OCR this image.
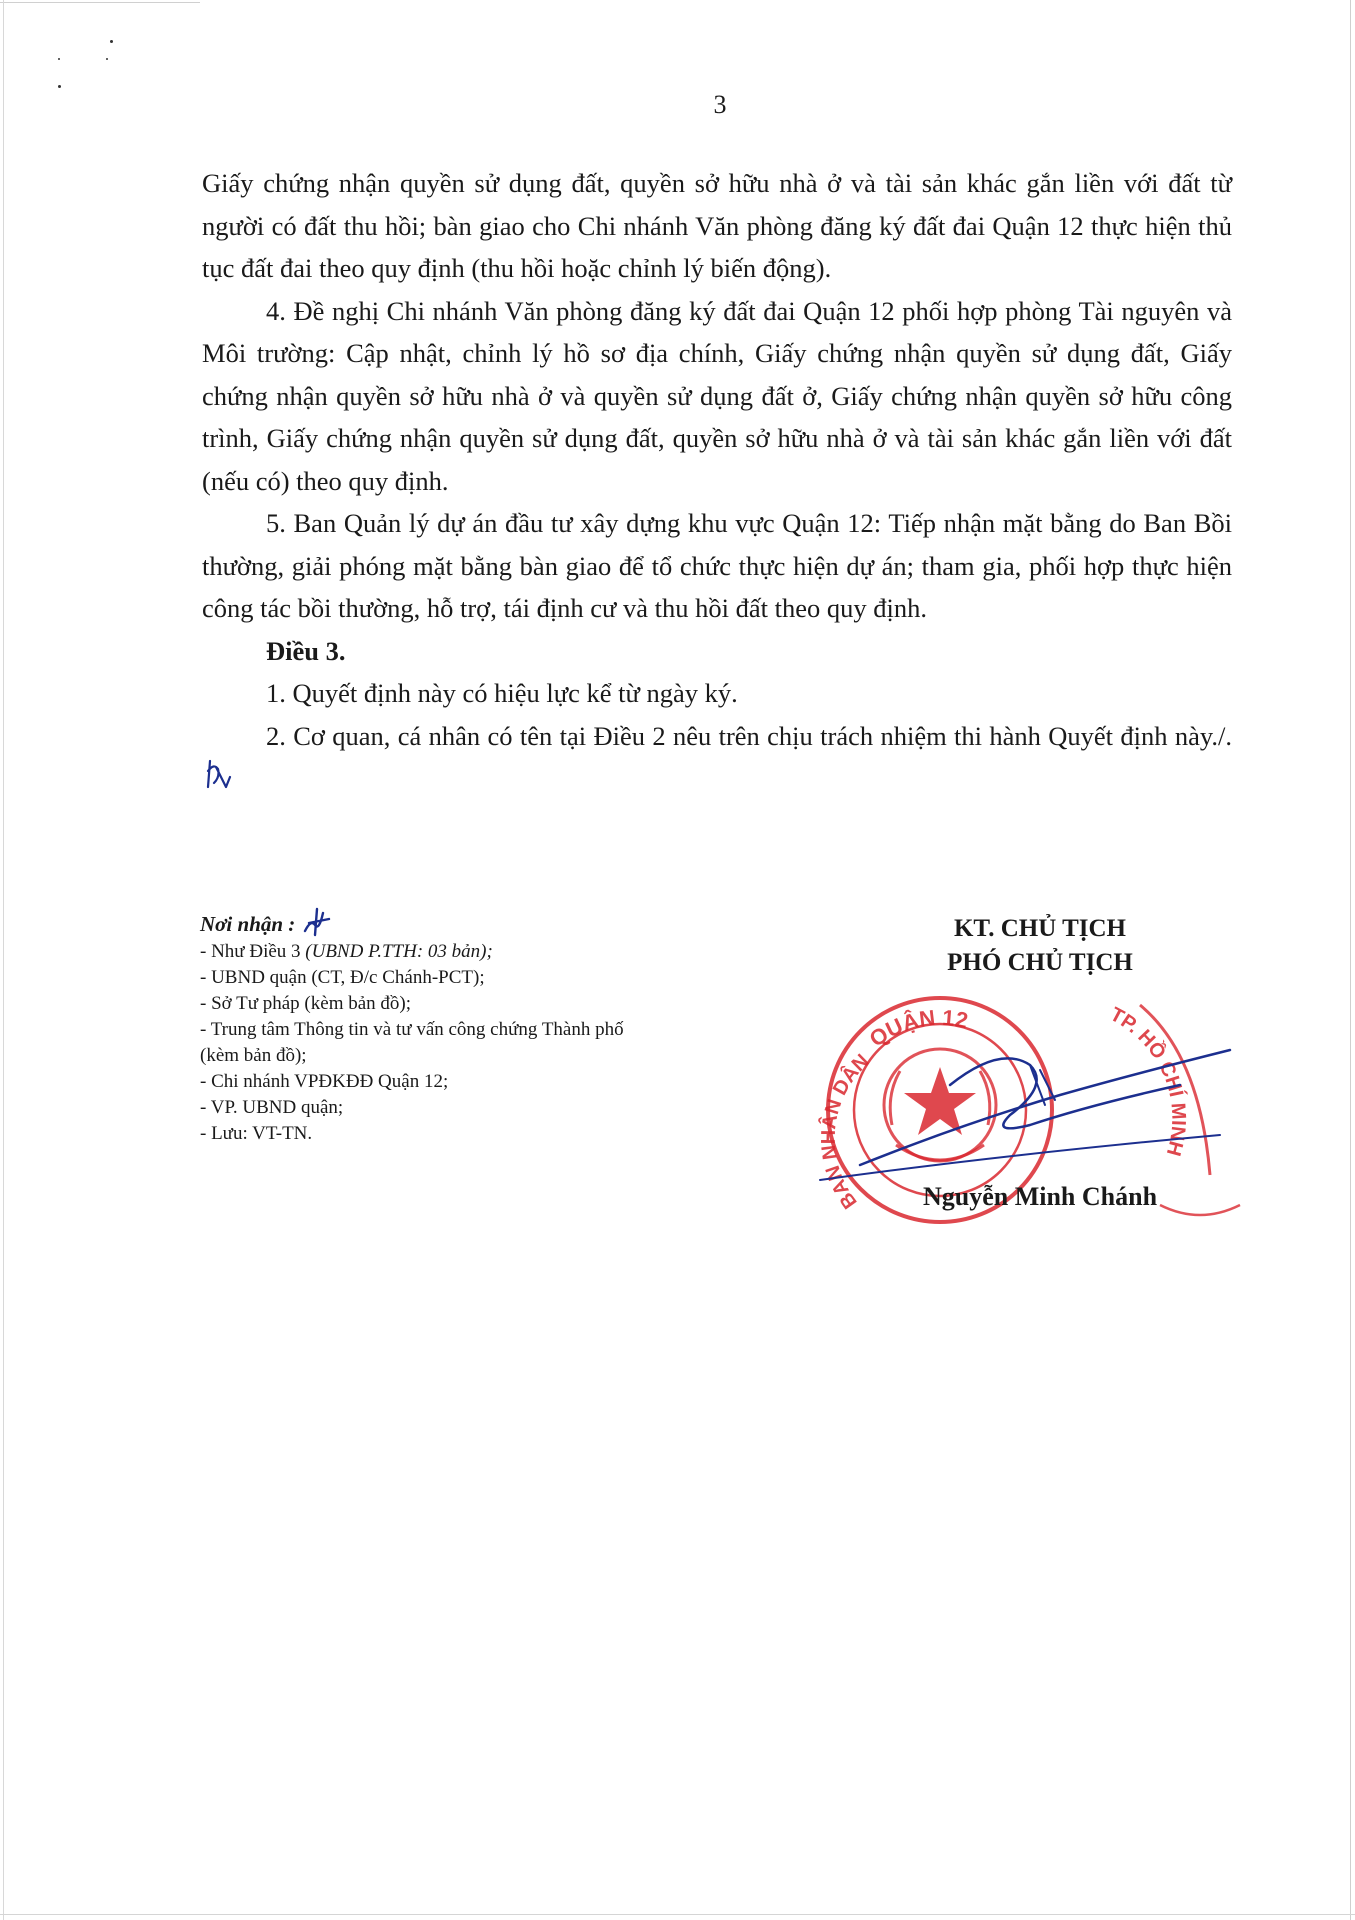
3

Giấy chứng nhận quyền sử dụng đất, quyền sở hữu nhà ở và tài sản khác gắn liền với đất từ người có đất thu hồi; bàn giao cho Chi nhánh Văn phòng đăng ký đất đai Quận 12 thực hiện thủ tục đất đai theo quy định (thu hồi hoặc chỉnh lý biến động).

4. Đề nghị Chi nhánh Văn phòng đăng ký đất đai Quận 12 phối hợp phòng Tài nguyên và Môi trường: Cập nhật, chỉnh lý hồ sơ địa chính, Giấy chứng nhận quyền sử dụng đất, Giấy chứng nhận quyền sở hữu nhà ở và quyền sử dụng đất ở, Giấy chứng nhận quyền sở hữu công trình, Giấy chứng nhận quyền sử dụng đất, quyền sở hữu nhà ở và tài sản khác gắn liền với đất (nếu có) theo quy định.

5. Ban Quản lý dự án đầu tư xây dựng khu vực Quận 12: Tiếp nhận mặt bằng do Ban Bồi thường, giải phóng mặt bằng bàn giao để tổ chức thực hiện dự án; tham gia, phối hợp thực hiện công tác bồi thường, hỗ trợ, tái định cư và thu hồi đất theo quy định.

Điều 3.

1. Quyết định này có hiệu lực kể từ ngày ký.

2. Cơ quan, cá nhân có tên tại Điều 2 nêu trên chịu trách nhiệm thi hành Quyết định này./.

Nơi nhận :
- Như Điều 3 (UBND P.TTH: 03 bản);
- UBND quận (CT, Đ/c Chánh-PCT);
- Sở Tư pháp (kèm bản đồ);
- Trung tâm Thông tin và tư vấn công chứng Thành phố (kèm bản đồ);
- Chi nhánh VPĐKĐĐ Quận 12;
- VP. UBND quận;
- Lưu: VT-TN.
KT. CHỦ TỊCH
PHÓ CHỦ TỊCH
QUẬN 12
BAN NHÂN DÂN
TP. HỒ CHÍ MINH
Nguyễn Minh Chánh
